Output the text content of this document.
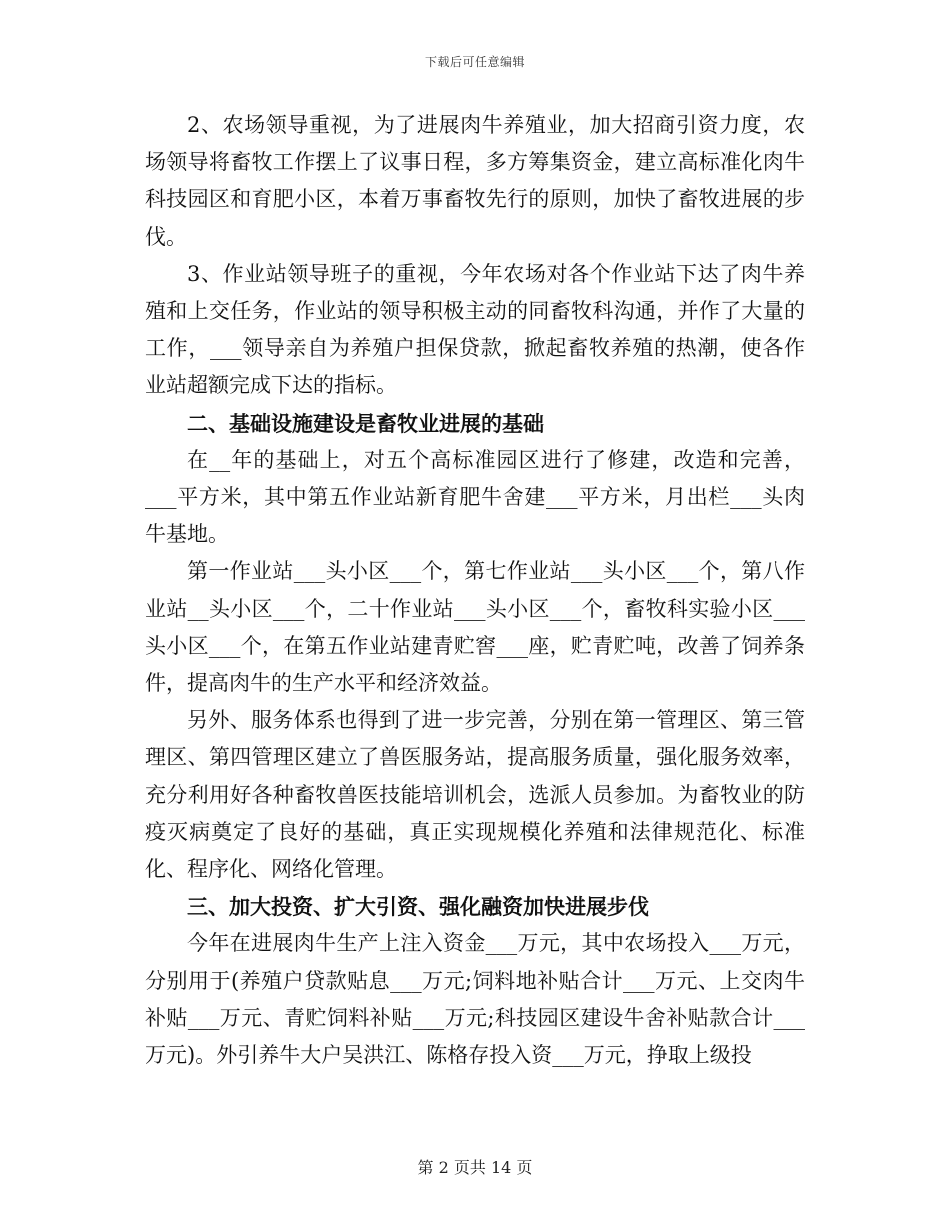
下载后可任意编辑

2、农场领导重视，为了进展肉牛养殖业，加大招商引资力度，农场领导将畜牧工作摆上了议事日程，多方筹集资金，建立高标准化肉牛科技园区和育肥小区，本着万事畜牧先行的原则，加快了畜牧进展的步伐。

3、作业站领导班子的重视，今年农场对各个作业站下达了肉牛养殖和上交任务，作业站的领导积极主动的同畜牧科沟通，并作了大量的工作，___领导亲自为养殖户担保贷款，掀起畜牧养殖的热潮，使各作业站超额完成下达的指标。

二、基础设施建设是畜牧业进展的基础

在__年的基础上，对五个高标准园区进行了修建，改造和完善，___平方米，其中第五作业站新育肥牛舍建___平方米，月出栏___头肉牛基地。

第一作业站___头小区___个，第七作业站___头小区___个，第八作业站__头小区___个，二十作业站___头小区___个，畜牧科实验小区___头小区___个，在第五作业站建青贮窖___座，贮青贮吨，改善了饲养条件，提高肉牛的生产水平和经济效益。

另外、服务体系也得到了进一步完善，分别在第一管理区、第三管理区、第四管理区建立了兽医服务站，提高服务质量，强化服务效率，充分利用好各种畜牧兽医技能培训机会，选派人员参加。为畜牧业的防疫灭病奠定了良好的基础，真正实现规模化养殖和法律规范化、标准化、程序化、网络化管理。

三、加大投资、扩大引资、强化融资加快进展步伐

今年在进展肉牛生产上注入资金___万元，其中农场投入___万元，分别用于(养殖户贷款贴息___万元;饲料地补贴合计___万元、上交肉牛补贴___万元、青贮饲料补贴___万元;科技园区建设牛舍补贴款合计___万元)。外引养牛大户吴洪江、陈格存投入资___万元，挣取上级投

第 2 页共 14 页
